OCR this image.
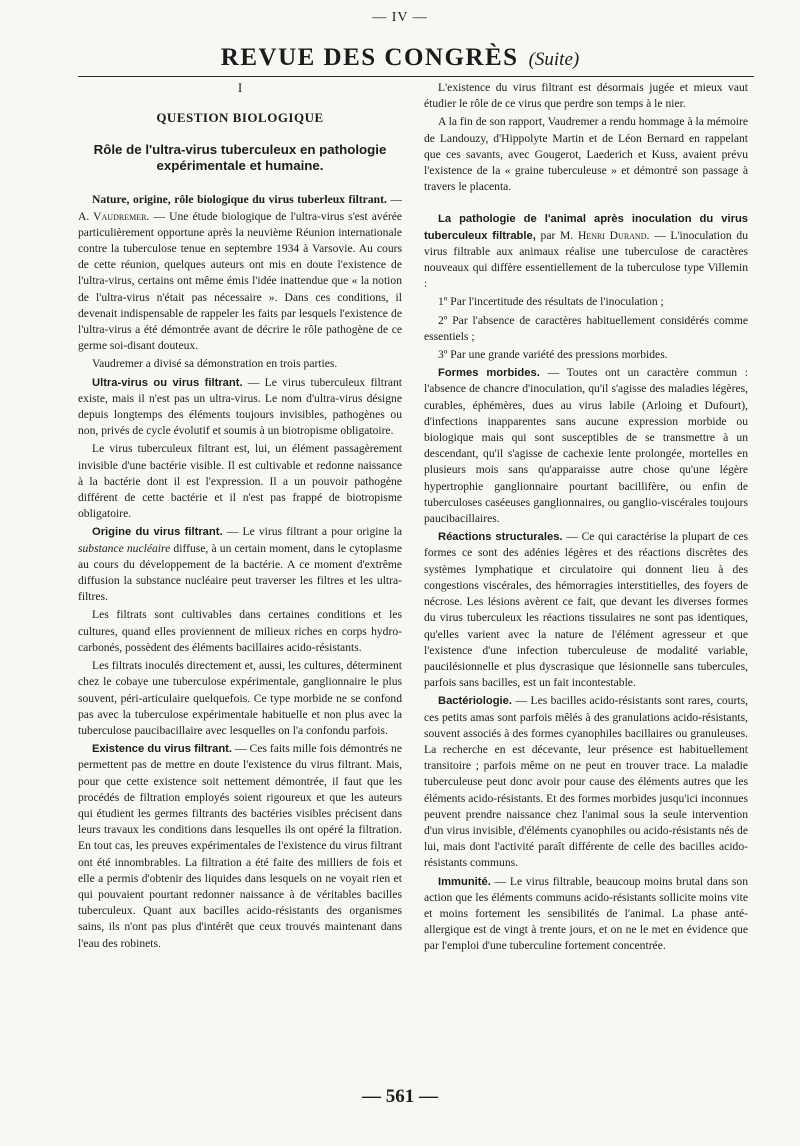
— IV —
REVUE DES CONGRÈS (Suite)
I
QUESTION BIOLOGIQUE
Rôle de l'ultra-virus tuberculeux en pathologie expérimentale et humaine.

Nature, origine, rôle biologique du virus tuberleux filtrant. — A. Vaudremer. — Une étude biologique de l'ultra-virus s'est avérée particulièrement opportune après la neuvième Réunion internationale contre la tuberculose tenue en septembre 1934 à Varsovie. Au cours de cette réunion, quelques auteurs ont mis en doute l'existence de l'ultra-virus, certains ont même émis l'idée inattendue que « la notion de l'ultra-virus n'était pas nécessaire ». Dans ces conditions, il devenait indispensable de rappeler les faits par lesquels l'existence de l'ultra-virus a été démontrée avant de décrire le rôle pathogène de ce germe soi-disant douteux.

Vaudremer a divisé sa démonstration en trois parties.

Ultra-virus ou virus filtrant. — Le virus tuberculeux filtrant existe, mais il n'est pas un ultra-virus. Le nom d'ultra-virus désigne depuis longtemps des éléments toujours invisibles, pathogènes ou non, privés de cycle évolutif et soumis à un biotropisme obligatoire.

Le virus tuberculeux filtrant est, lui, un élément passagèrement invisible d'une bactérie visible. Il est cultivable et redonne naissance à la bactérie dont il est l'expression. Il a un pouvoir pathogène différent de cette bactérie et il n'est pas frappé de biotropisme obligatoire.

Origine du virus filtrant. — Le virus filtrant a pour origine la substance nucléaire diffuse, à un certain moment, dans le cytoplasme au cours du développement de la bactérie. A ce moment d'extrême diffusion la substance nucléaire peut traverser les filtres et les ultra-filtres.

Les filtrats sont cultivables dans certaines conditions et les cultures, quand elles proviennent de milieux riches en corps hydro-carbonés, possèdent des éléments bacillaires acido-résistants.

Les filtrats inoculés directement et, aussi, les cultures, déterminent chez le cobaye une tuberculose expérimentale, ganglionnaire le plus souvent, péri-articulaire quelquefois. Ce type morbide ne se confond pas avec la tuberculose expérimentale habituelle et non plus avec la tuberculose paucibacillaire avec lesquelles on l'a confondu parfois.

Existence du virus filtrant. — Ces faits mille fois démontrés ne permettent pas de mettre en doute l'existence du virus filtrant. Mais, pour que cette existence soit nettement démontrée, il faut que les procédés de filtration employés soient rigoureux et que les auteurs qui étudient les germes filtrants des bactéries visibles précisent dans leurs travaux les conditions dans lesquelles ils ont opéré la filtration. En tout cas, les preuves expérimentales de l'existence du virus filtrant ont été innombrables. La filtration a été faite des milliers de fois et elle a permis d'obtenir des liquides dans lesquels on ne voyait rien et qui pouvaient pourtant redonner naissance à de véritables bacilles tuberculeux. Quant aux bacilles acido-résistants des organismes sains, ils n'ont pas plus d'intérêt que ceux trouvés maintenant dans l'eau des robinets.

L'existence du virus filtrant est désormais jugée et mieux vaut étudier le rôle de ce virus que perdre son temps à le nier.

A la fin de son rapport, Vaudremer a rendu hommage à la mémoire de Landouzy, d'Hippolyte Martin et de Léon Bernard en rappelant que ces savants, avec Gougerot, Laederich et Kuss, avaient prévu l'existence de la « graine tuberculeuse » et démontré son passage à travers le placenta.

La pathologie de l'animal après inoculation du virus tuberculeux filtrable, par M. Henri Durand. — L'inoculation du virus filtrable aux animaux réalise une tuberculose de caractères nouveaux qui diffère essentiellement de la tuberculose type Villemin :

1º Par l'incertitude des résultats de l'inoculation ;

2º Par l'absence de caractères habituellement considérés comme essentiels ;

3º Par une grande variété des pressions morbides.

Formes morbides. — Toutes ont un caractère commun : l'absence de chancre d'inoculation, qu'il s'agisse des maladies légères, curables, éphémères, dues au virus labile (Arloing et Dufourt), d'infections inapparentes sans aucune expression morbide ou biologique mais qui sont susceptibles de se transmettre à un descendant, qu'il s'agisse de cachexie lente prolongée, mortelles en plusieurs mois sans qu'apparaisse autre chose qu'une légère hypertrophie ganglionnaire pourtant bacillifère, ou enfin de tuberculoses caséeuses ganglionnaires, ou ganglio-viscérales toujours paucibacillaires.

Réactions structurales. — Ce qui caractérise la plupart de ces formes ce sont des adénies légères et des réactions discrètes des systèmes lymphatique et circulatoire qui donnent lieu à des congestions viscérales, des hémorragies interstitielles, des foyers de nécrose. Les lésions avèrent ce fait, que devant les diverses formes du virus tuberculeux les réactions tissulaires ne sont pas identiques, qu'elles varient avec la nature de l'élément agresseur et que l'existence d'une infection tuberculeuse de modalité variable, paucilésionnelle et plus dyscrasique que lésionnelle sans tubercules, parfois sans bacilles, est un fait incontestable.

Bactériologie. — Les bacilles acido-résistants sont rares, courts, ces petits amas sont parfois mêlés à des granulations acido-résistants, souvent associés à des formes cyanophiles bacillaires ou granuleuses. La recherche en est décevante, leur présence est habituellement transitoire ; parfois même on ne peut en trouver trace. La maladie tuberculeuse peut donc avoir pour cause des éléments autres que les éléments acido-résistants. Et des formes morbides jusqu'ici inconnues peuvent prendre naissance chez l'animal sous la seule intervention d'un virus invisible, d'éléments cyanophiles ou acido-résistants nés de lui, mais dont l'activité paraît différente de celle des bacilles acido-résistants communs.

Immunité. — Le virus filtrable, beaucoup moins brutal dans son action que les éléments communs acido-résistants sollicite moins vite et moins fortement les sensibilités de l'animal. La phase anté-allergique est de vingt à trente jours, et on ne le met en évidence que par l'emploi d'une tuberculine fortement concentrée.

— 561 —
